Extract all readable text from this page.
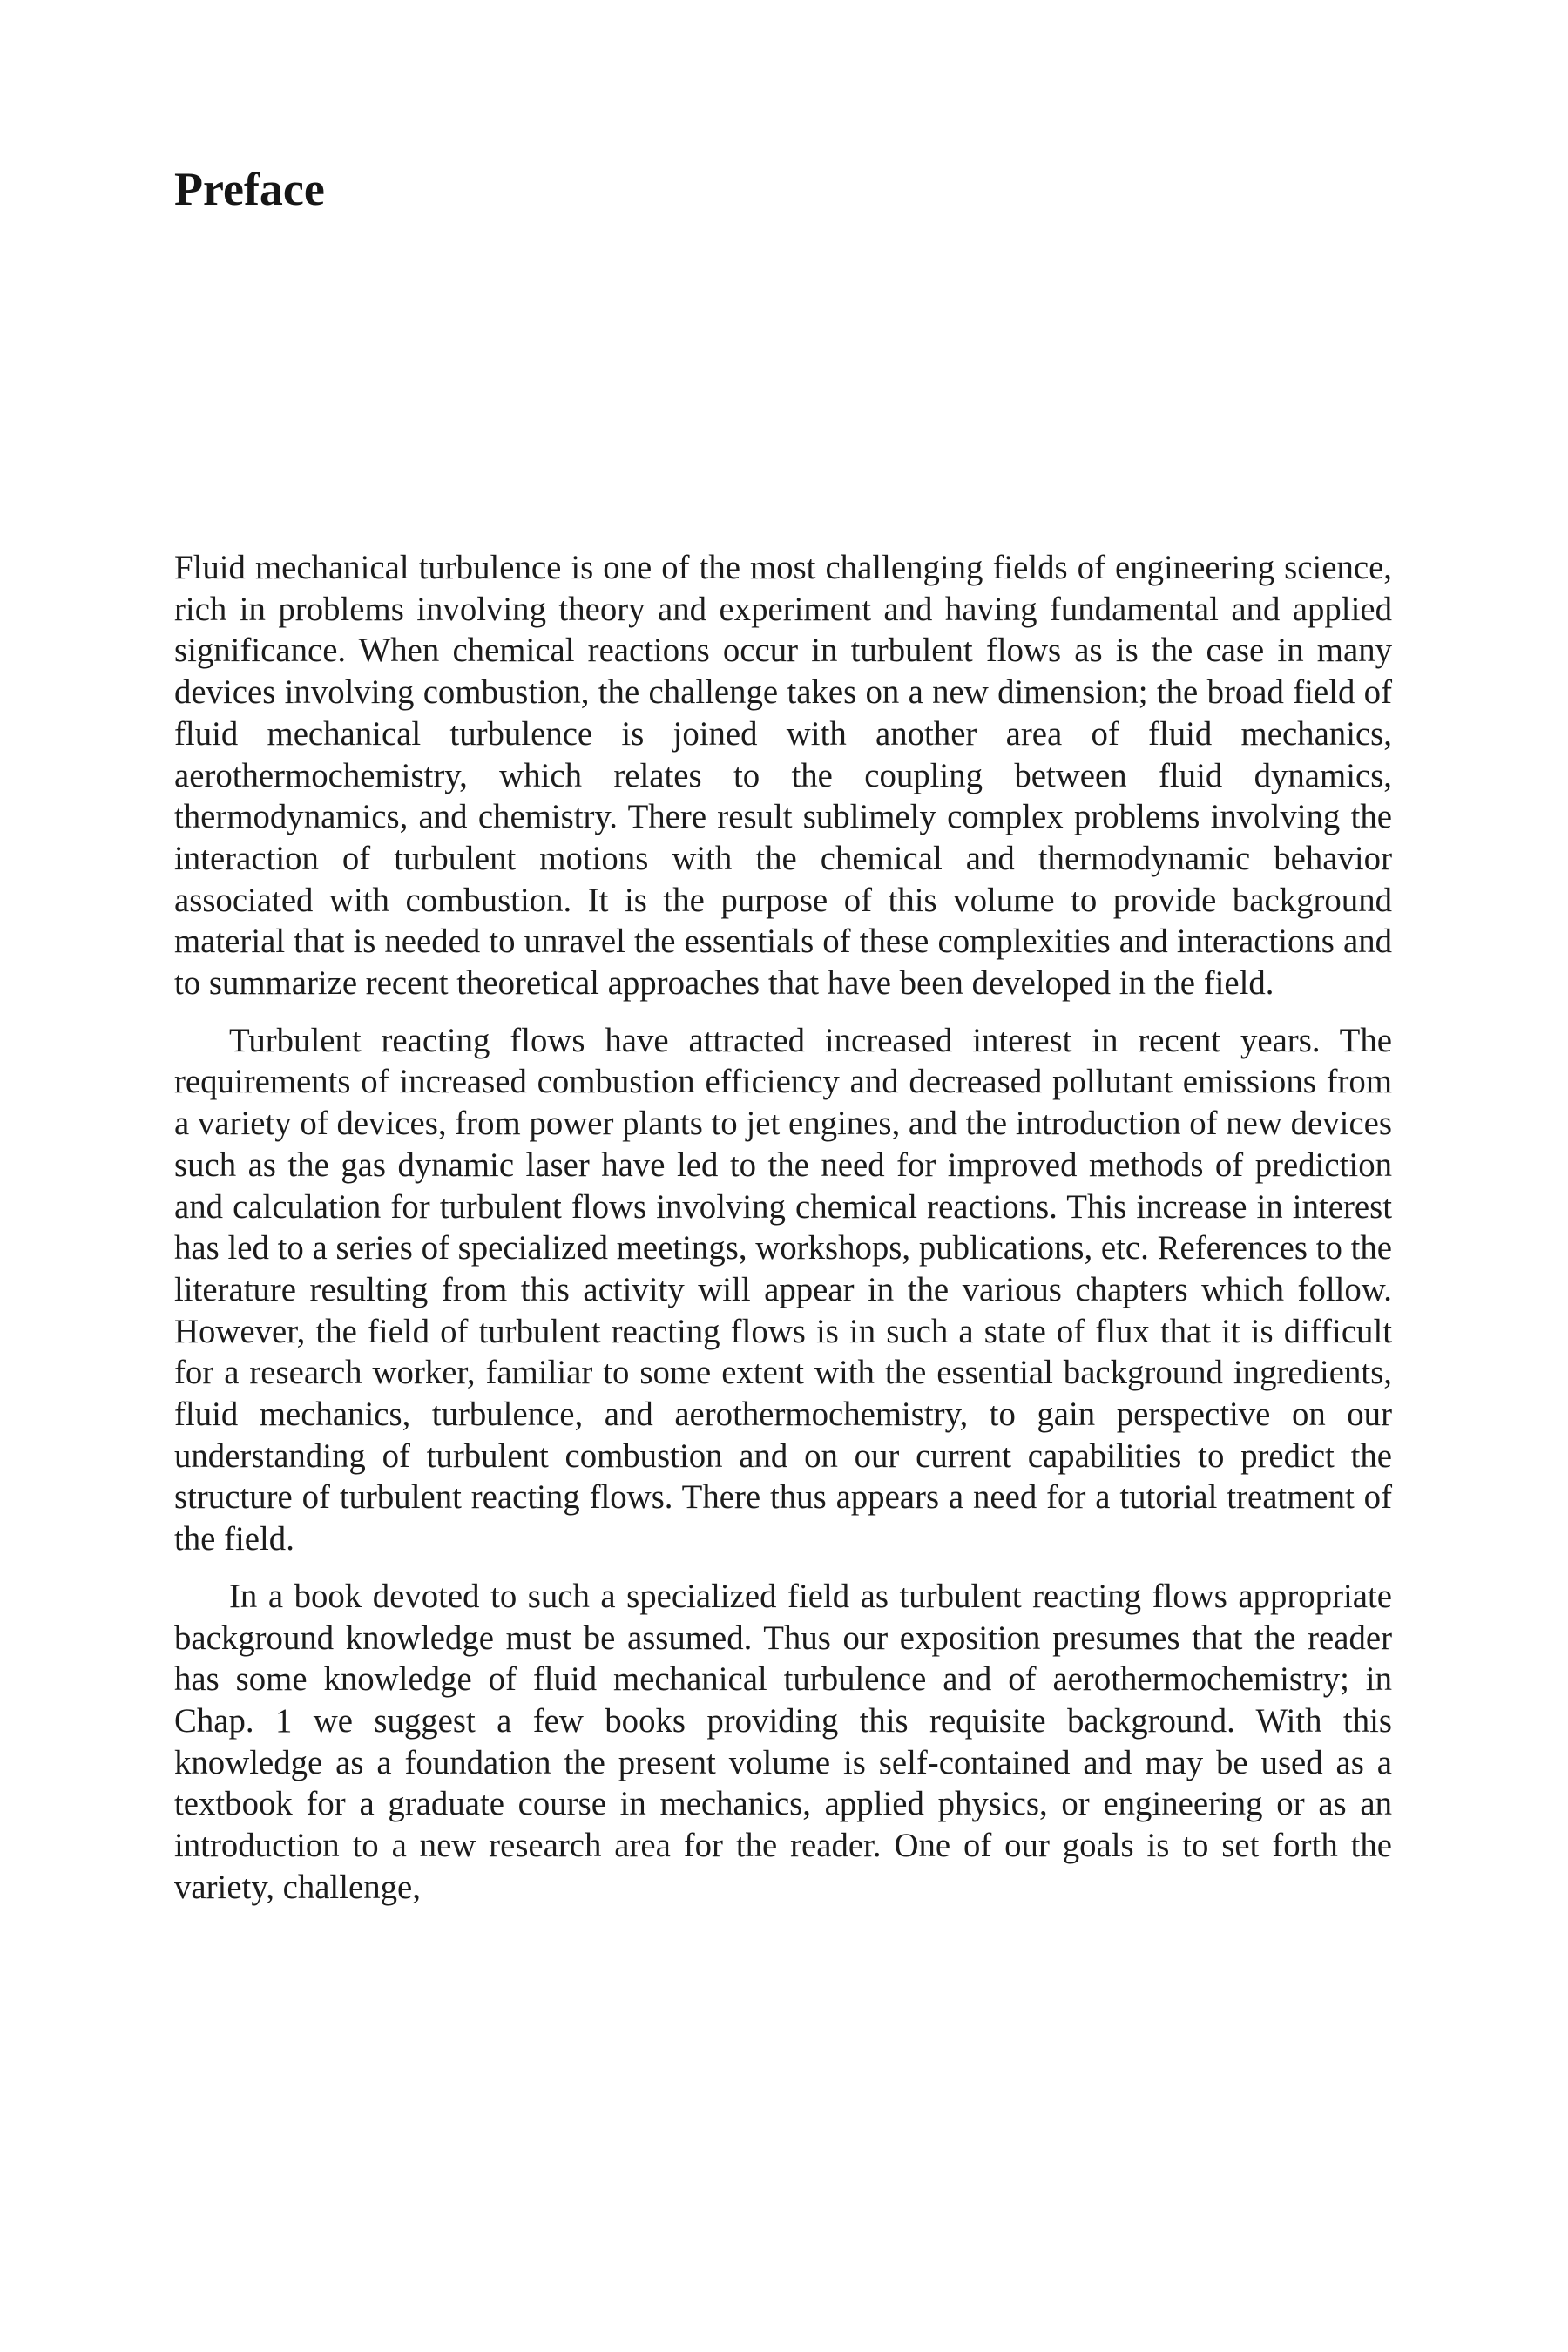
Preface

Fluid mechanical turbulence is one of the most challenging fields of engineering science, rich in problems involving theory and experiment and having fundamental and applied significance. When chemical reactions occur in turbulent flows as is the case in many devices involving combustion, the challenge takes on a new dimension; the broad field of fluid mechanical turbulence is joined with another area of fluid mechanics, aerothermochemistry, which relates to the coupling between fluid dynamics, thermodynamics, and chemistry. There result sublimely complex problems involving the interaction of turbulent motions with the chemical and thermodynamic behavior associated with combustion. It is the purpose of this volume to provide background material that is needed to unravel the essentials of these complexities and interactions and to summarize recent theoretical approaches that have been developed in the field.

Turbulent reacting flows have attracted increased interest in recent years. The requirements of increased combustion efficiency and decreased pollutant emissions from a variety of devices, from power plants to jet engines, and the introduction of new devices such as the gas dynamic laser have led to the need for improved methods of prediction and calculation for turbulent flows involving chemical reactions. This increase in interest has led to a series of specialized meetings, workshops, publications, etc. References to the literature resulting from this activity will appear in the various chapters which follow. However, the field of turbulent reacting flows is in such a state of flux that it is difficult for a research worker, familiar to some extent with the essential background ingredients, fluid mechanics, turbulence, and aerothermochemistry, to gain perspective on our understanding of turbulent combustion and on our current capabilities to predict the structure of turbulent reacting flows. There thus appears a need for a tutorial treatment of the field.

In a book devoted to such a specialized field as turbulent reacting flows appropriate background knowledge must be assumed. Thus our exposition presumes that the reader has some knowledge of fluid mechanical turbulence and of aerothermochemistry; in Chap. 1 we suggest a few books providing this requisite background. With this knowledge as a foundation the present volume is self-contained and may be used as a textbook for a graduate course in mechanics, applied physics, or engineering or as an introduction to a new research area for the reader. One of our goals is to set forth the variety, challenge,
